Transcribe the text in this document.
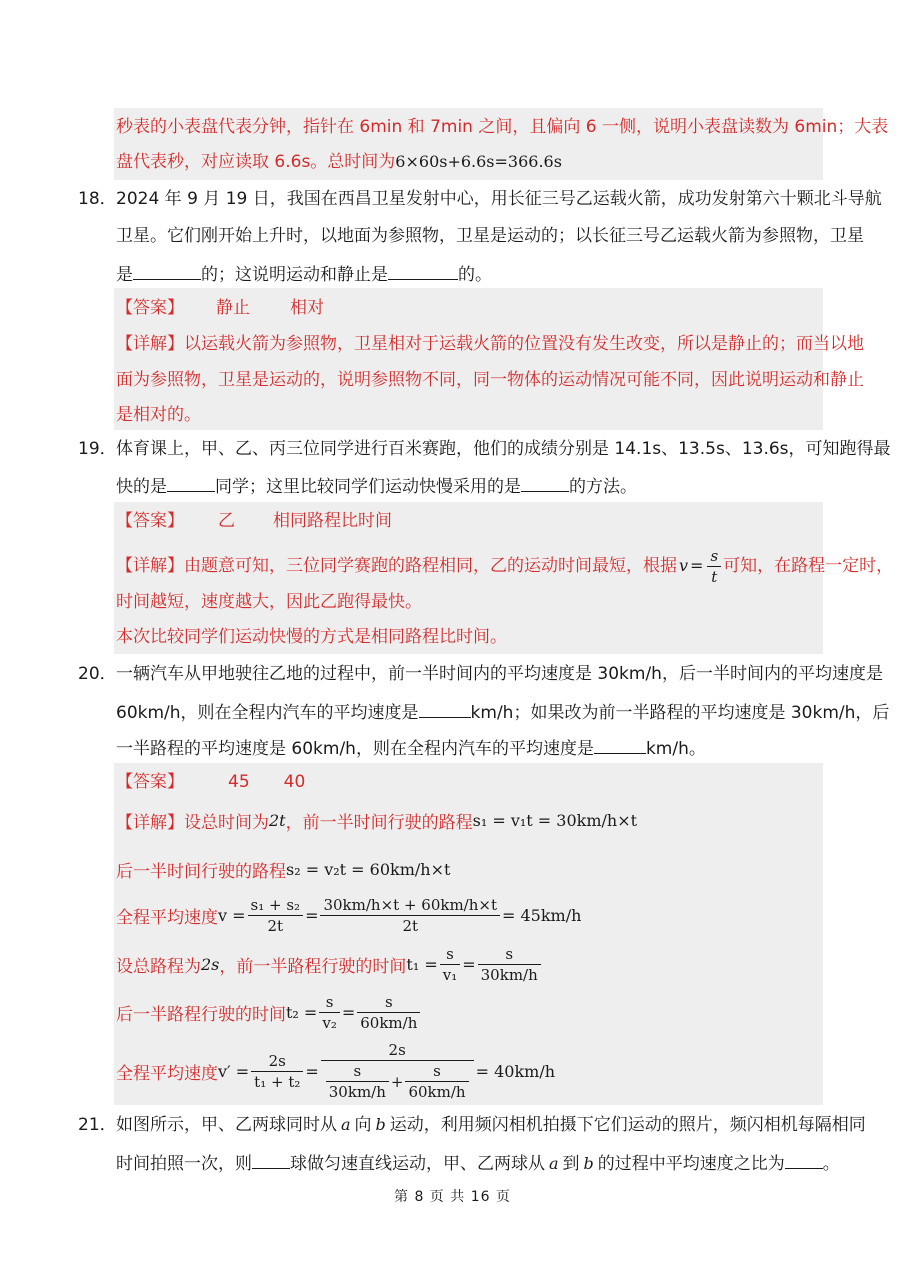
秒表的小表盘代表分钟，指针在 6min 和 7min 之间，且偏向 6 一侧，说明小表盘读数为 6min；大表
盘代表秒，对应读取 6.6s。总时间为6×60s+6.6s=366.6s
18． 2024 年 9 月 19 日，我国在西昌卫星发射中心，用长征三号乙运载火箭，成功发射第六十颗北斗导航
卫星。它们刚开始上升时，以地面为参照物，卫星是运动的；以长征三号乙运载火箭为参照物，卫星
是	的；这说明运动和静止是	的。
【答案】 静止 相对
【详解】以运载火箭为参照物，卫星相对于运载火箭的位置没有发生改变，所以是静止的；而当以地
面为参照物，卫星是运动的，说明参照物不同，同一物体的运动情况可能不同，因此说明运动和静止
是相对的。
19． 体育课上，甲、乙、丙三位同学进行百米赛跑，他们的成绩分别是 14.1s、13.5s、13.6s，可知跑得最
快的是	同学；这里比较同学们运动快慢采用的是	的方法。
【答案】 乙 相同路程比时间
【详解】由题意可知，三位同学赛跑的路程相同，乙的运动时间最短，根据 $v = \frac{s}{t}$ 可知，在路程一定时，
时间越短，速度越大，因此乙跑得最快。
本次比较同学们运动快慢的方式是相同路程比时间。
20． 一辆汽车从甲地驶往乙地的过程中，前一半时间内的平均速度是 30km/h，后一半时间内的平均速度是
60km/h，则在全程内汽车的平均速度是	km/h；如果改为前一半路程的平均速度是 30km/h，后
一半路程的平均速度是 60km/h，则在全程内汽车的平均速度是	km/h。
【答案】	45 40
【详解】设总时间为 2t ，前一半时间行驶的路程 s₁ = v₁t = 30km/h×t
后一半时间行驶的路程 s₂ = v₂t = 60km/h×t
全程平均速度 $v = \frac{\text{s₁ + s₂}}{2t} = \frac{30km/h\times t + 60km/h\times t}{2t} = 45km/h$
设总路程为 2s ，前一半路程行驶的时间 $t_1 = \frac{s}{\text{v₁}} = \frac{s}{30km/h}$
后一半路程行驶的时间 $t_2 = \frac{s}{\text{v₂}} = \frac{s}{60km/h}$
全程平均速度 $v' = \frac{2s}{\text{t₁ + t₂}} = \frac{2s}{\frac{s}{30km/h} + \frac{s}{60km/h}} = 40km/h$
21． 如图所示，甲、乙两球同时从 a 向 b 运动，利用频闪相机拍摄下它们运动的照片，频闪相机每隔相同
时间拍照一次，则 球做匀速直线运动，甲、乙两球从 a 到 b 的过程中平均速度之比为 。
第 8 页 共 16 页
